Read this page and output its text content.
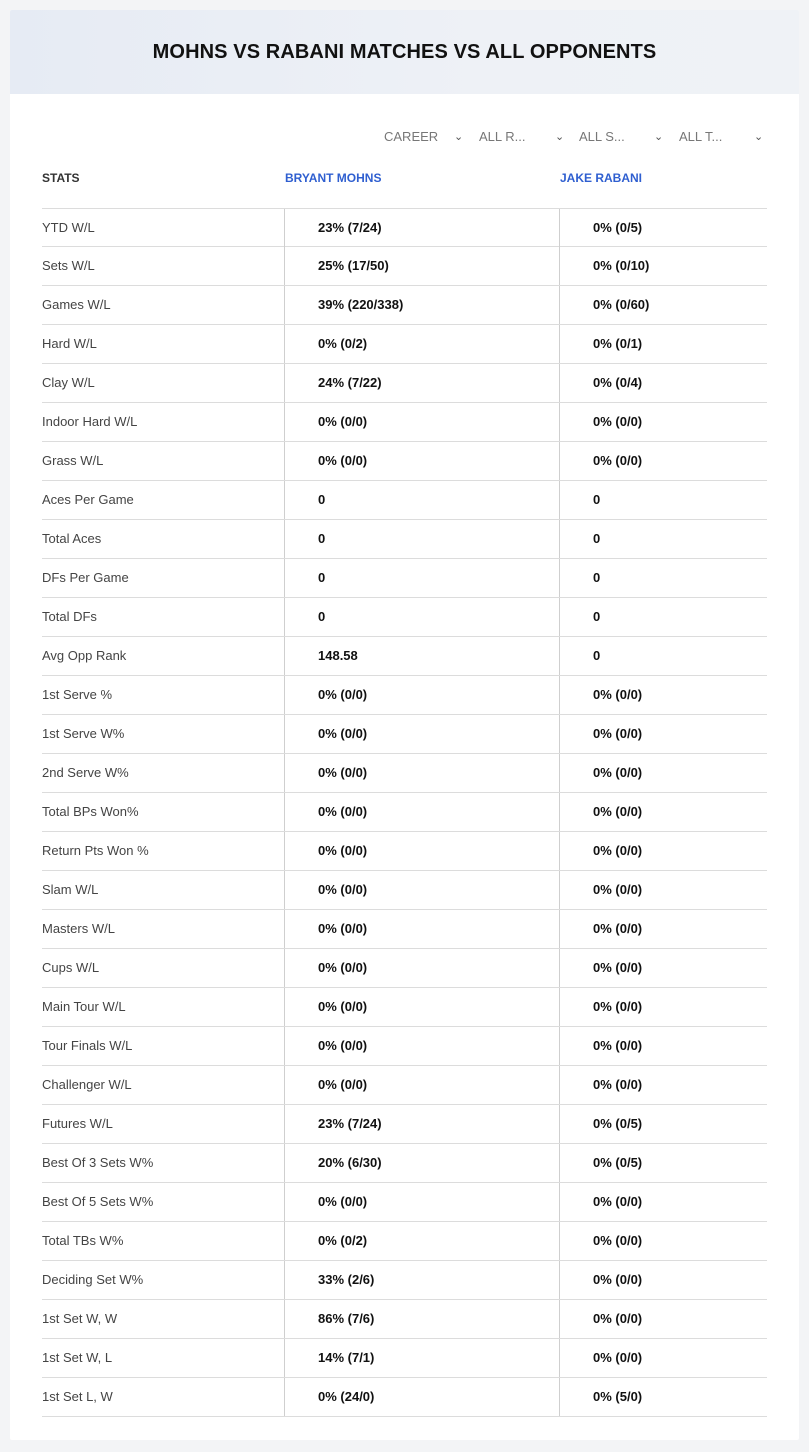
MOHNS VS RABANI MATCHES VS ALL OPPONENTS
CAREER ⌄ ALL R...	⌄ ALL S...	⌄ ALL T...	⌄
STATS	BRYANT MOHNS	JAKE RABANI
YTD W/L	23% (7/24)	0% (0/5)
Sets W/L	25% (17/50)	0% (0/10)
Games W/L	39% (220/338)	0% (0/60)
Hard W/L	0% (0/2)	0% (0/1)
Clay W/L	24% (7/22)	0% (0/4)
Indoor Hard W/L	0% (0/0)	0% (0/0)
Grass W/L	0% (0/0)	0% (0/0)
Aces Per Game	0	0
Total Aces	0	0
DFs Per Game	0	0
Total DFs	0	0
Avg Opp Rank	148.58	0
1st Serve %	0% (0/0)	0% (0/0)
1st Serve W%	0% (0/0)	0% (0/0)
2nd Serve W%	0% (0/0)	0% (0/0)
Total BPs Won%	0% (0/0)	0% (0/0)
Return Pts Won %	0% (0/0)	0% (0/0)
Slam W/L	0% (0/0)	0% (0/0)
Masters W/L	0% (0/0)	0% (0/0)
Cups W/L	0% (0/0)	0% (0/0)
Main Tour W/L	0% (0/0)	0% (0/0)
Tour Finals W/L	0% (0/0)	0% (0/0)
Challenger W/L	0% (0/0)	0% (0/0)
Futures W/L	23% (7/24)	0% (0/5)
Best Of 3 Sets W%	20% (6/30)	0% (0/5)
Best Of 5 Sets W%	0% (0/0)	0% (0/0)
Total TBs W%	0% (0/2)	0% (0/0)
Deciding Set W%	33% (2/6)	0% (0/0)
1st Set W, W	86% (7/6)	0% (0/0)
1st Set W, L	14% (7/1)	0% (0/0)
1st Set L, W	0% (24/0)	0% (5/0)
